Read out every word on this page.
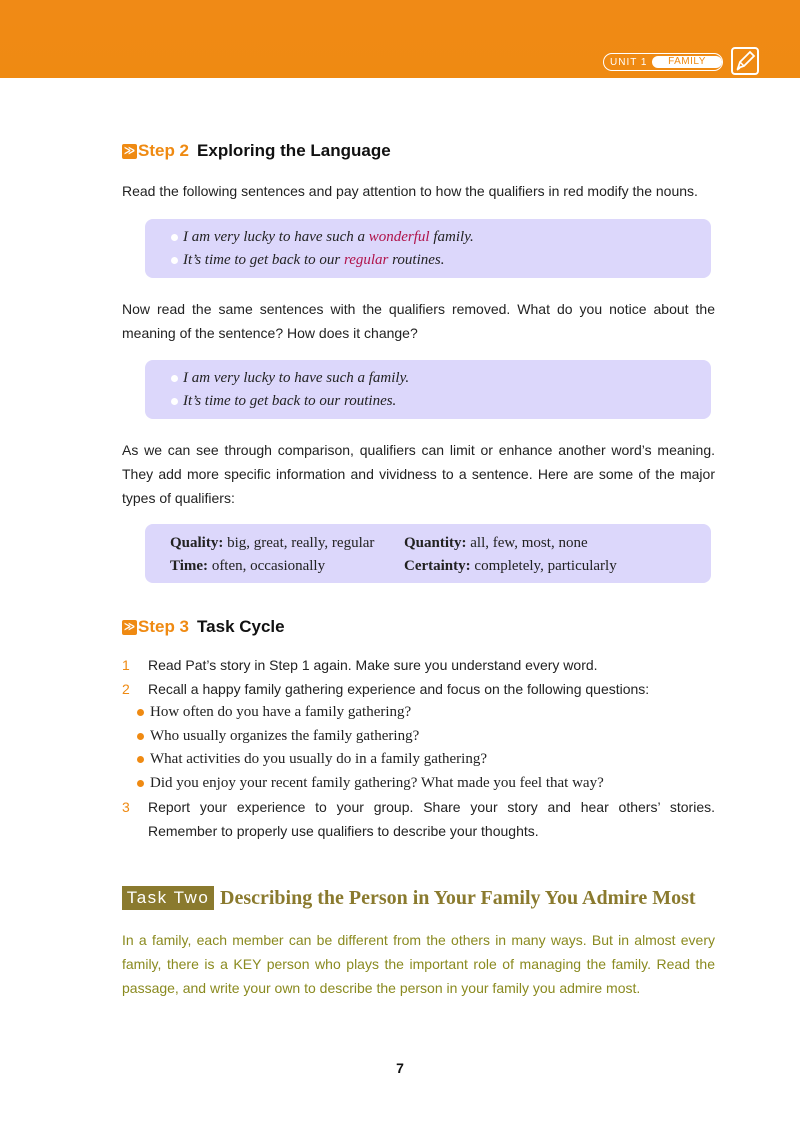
UNIT 1	FAMILY
≫ Step 2 Exploring the Language
Read the following sentences and pay attention to how the qualifiers in red modify the nouns.
I am very lucky to have such a wonderful family.
It’s time to get back to our regular routines.
Now read the same sentences with the qualifiers removed. What do you notice about the meaning of the sentence? How does it change?
I am very lucky to have such a family.
It’s time to get back to our routines.
As we can see through comparison, qualifiers can limit or enhance another word’s meaning. They add more specific information and vividness to a sentence. Here are some of the major types of qualifiers:
Quality: big, great, really, regular	Quantity: all, few, most, none
Time: often, occasionally	Certainty: completely, particularly
≫ Step 3 Task Cycle
1 Read Pat’s story in Step 1 again. Make sure you understand every word.
2 Recall a happy family gathering experience and focus on the following questions:
How often do you have a family gathering?
Who usually organizes the family gathering?
What activities do you usually do in a family gathering?
Did you enjoy your recent family gathering? What made you feel that way?
3 Report your experience to your group. Share your story and hear others’ stories. Remember to properly use qualifiers to describe your thoughts.
Task Two Describing the Person in Your Family You Admire Most
In a family, each member can be different from the others in many ways. But in almost every family, there is a KEY person who plays the important role of managing the family. Read the passage, and write your own to describe the person in your family you admire most.
7
